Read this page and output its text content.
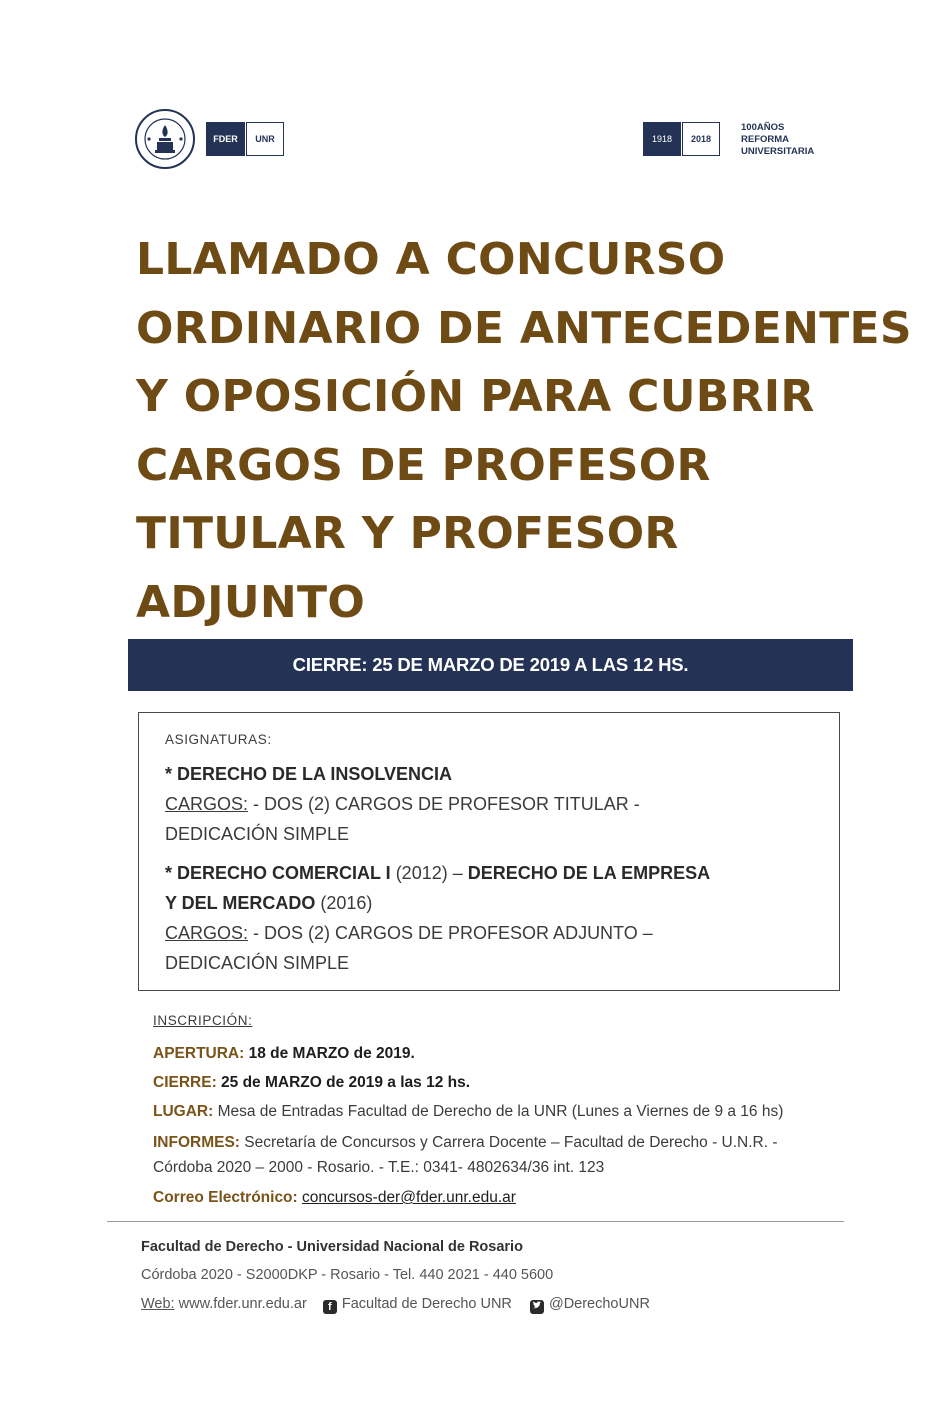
FDER	UNR	1918	2018
100AÑOS
REFORMA
UNIVERSITARIA
LLAMADO A CONCURSO
ORDINARIO DE ANTECEDENTES
Y OPOSICIÓN PARA CUBRIR
CARGOS DE PROFESOR
TITULAR Y PROFESOR
ADJUNTO
CIERRE: 25 DE MARZO DE 2019 A LAS 12 HS.
ASIGNATURAS:
* DERECHO DE LA INSOLVENCIA
CARGOS: - DOS (2) CARGOS DE PROFESOR TITULAR -
DEDICACIÓN SIMPLE
* DERECHO COMERCIAL I (2012) – DERECHO DE LA EMPRESA
Y DEL MERCADO (2016)
CARGOS: - DOS (2) CARGOS DE PROFESOR ADJUNTO –
DEDICACIÓN SIMPLE
INSCRIPCIÓN:
APERTURA: 18 de MARZO de 2019.
CIERRE: 25 de MARZO de 2019 a las 12 hs.
LUGAR: Mesa de Entradas Facultad de Derecho de la UNR (Lunes a Viernes de 9 a 16 hs)
INFORMES: Secretaría de Concursos y Carrera Docente – Facultad de Derecho - U.N.R. -
Córdoba 2020 – 2000 - Rosario. - T.E.: 0341- 4802634/36 int. 123
Correo Electrónico: concursos-der@fder.unr.edu.ar
Facultad de Derecho - Universidad Nacional de Rosario
Córdoba 2020 - S2000DKP - Rosario - Tel. 440 2021 - 440 5600
Web: www.fder.unr.edu.ar f Facultad de Derecho UNR	@DerechoUNR
